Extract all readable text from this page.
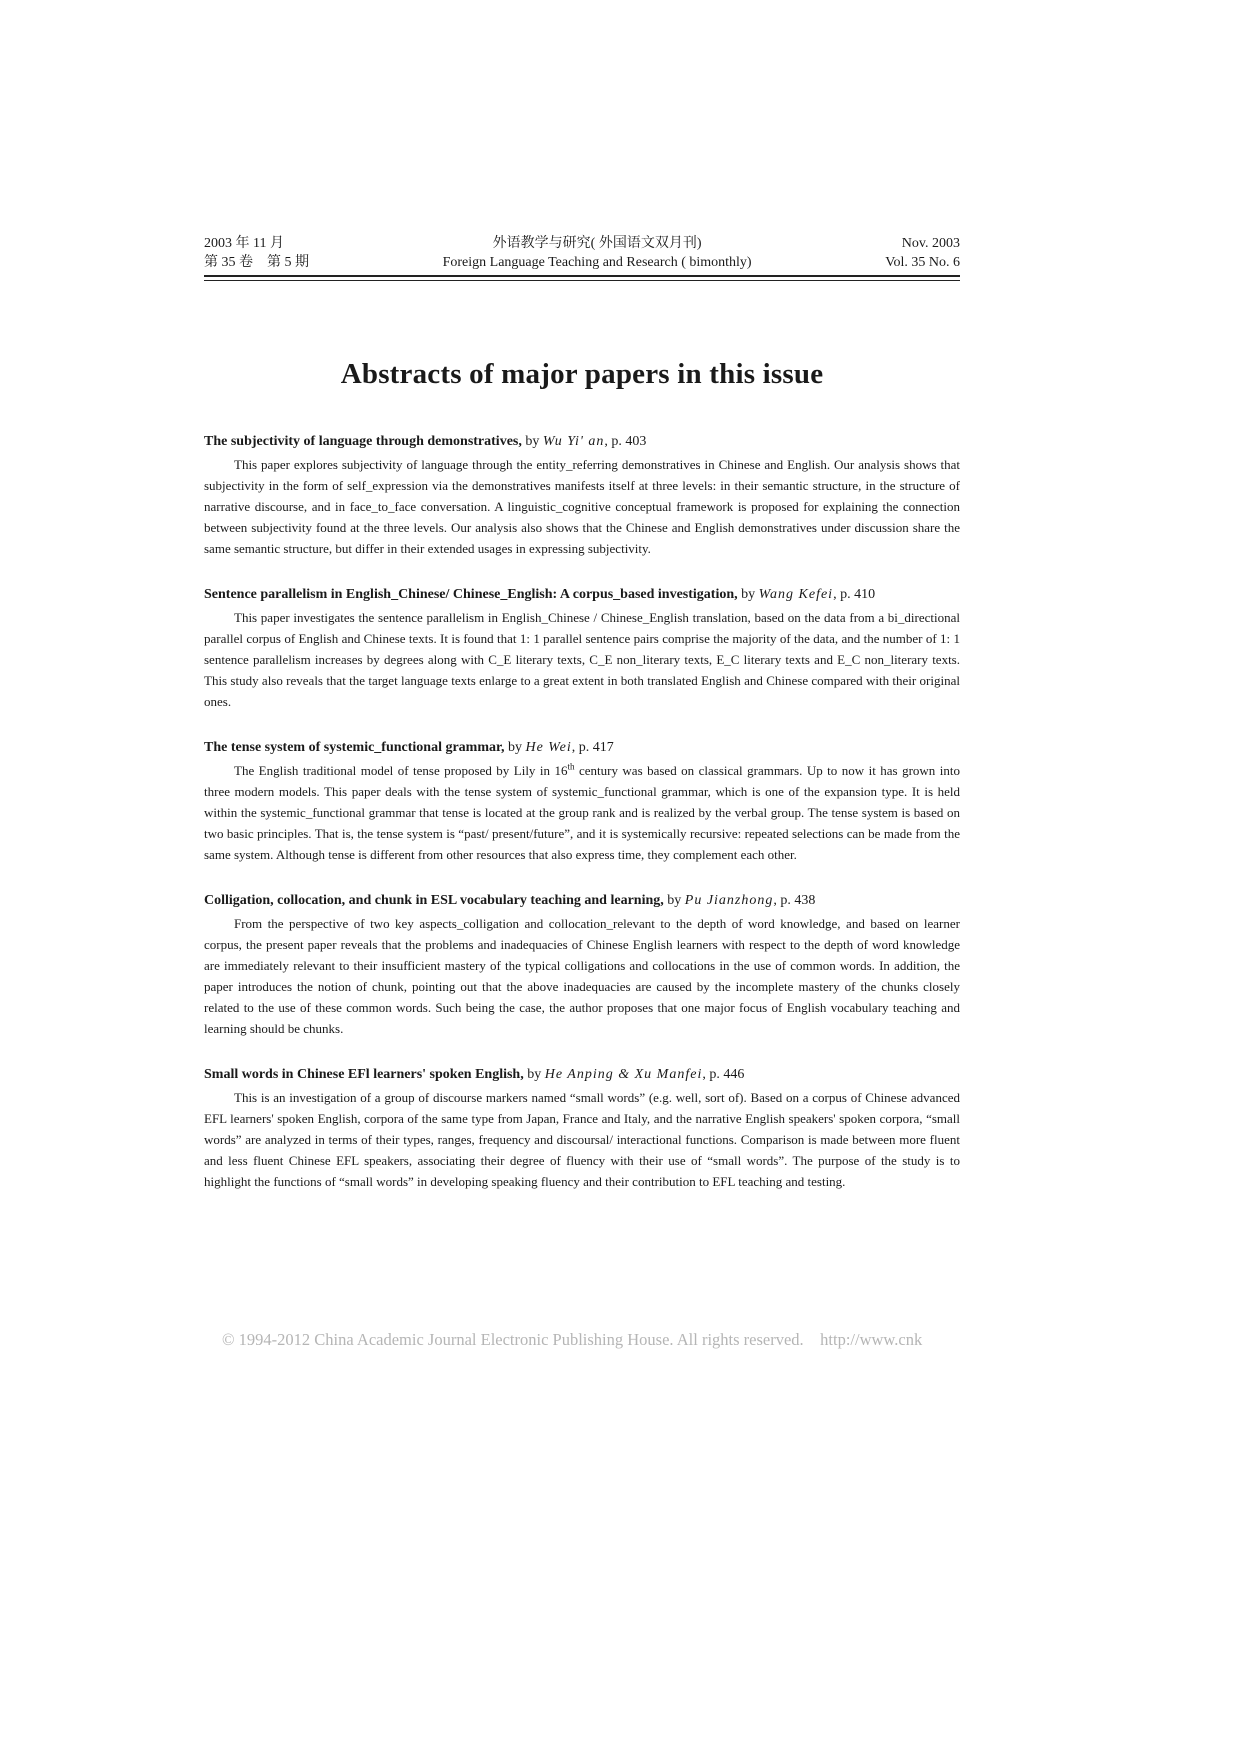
2003 年 11 月
第 35 卷　第 5 期
外语教学与研究( 外国语文双月刊)
Foreign Language Teaching and Research ( bimonthly)
Nov. 2003
Vol. 35 No. 6
Abstracts of major papers in this issue

The subjectivity of language through demonstratives, by Wu Yi' an, p. 403

This paper explores subjectivity of language through the entity_referring demonstratives in Chinese and English. Our analysis shows that subjectivity in the form of self_expression via the demonstratives manifests itself at three levels: in their semantic structure, in the structure of narrative discourse, and in face_to_face conversation. A linguistic_cognitive conceptual framework is proposed for explaining the connection between subjectivity found at the three levels. Our analysis also shows that the Chinese and English demonstratives under discussion share the same semantic structure, but differ in their extended usages in expressing subjectivity.

Sentence parallelism in English_Chinese/ Chinese_English: A corpus_based investigation, by Wang Kefei, p. 410

This paper investigates the sentence parallelism in English_Chinese / Chinese_English translation, based on the data from a bi_directional parallel corpus of English and Chinese texts. It is found that 1: 1 parallel sentence pairs comprise the majority of the data, and the number of 1: 1 sentence parallelism increases by degrees along with C_E literary texts, C_E non_literary texts, E_C literary texts and E_C non_literary texts. This study also reveals that the target language texts enlarge to a great extent in both translated English and Chinese compared with their original ones.

The tense system of systemic_functional grammar, by He Wei, p. 417

The English traditional model of tense proposed by Lily in 16th century was based on classical grammars. Up to now it has grown into three modern models. This paper deals with the tense system of systemic_functional grammar, which is one of the expansion type. It is held within the systemic_functional grammar that tense is located at the group rank and is realized by the verbal group. The tense system is based on two basic principles. That is, the tense system is “past/ present/future”, and it is systemically recursive: repeated selections can be made from the same system. Although tense is different from other resources that also express time, they complement each other.

Colligation, collocation, and chunk in ESL vocabulary teaching and learning, by Pu Jianzhong, p. 438

From the perspective of two key aspects_colligation and collocation_relevant to the depth of word knowledge, and based on learner corpus, the present paper reveals that the problems and inadequacies of Chinese English learners with respect to the depth of word knowledge are immediately relevant to their insufficient mastery of the typical colligations and collocations in the use of common words. In addition, the paper introduces the notion of chunk, pointing out that the above inadequacies are caused by the incomplete mastery of the chunks closely related to the use of these common words. Such being the case, the author proposes that one major focus of English vocabulary teaching and learning should be chunks.

Small words in Chinese EFl learners' spoken English, by He Anping & Xu Manfei, p. 446

This is an investigation of a group of discourse markers named “small words” (e.g. well, sort of). Based on a corpus of Chinese advanced EFL learners' spoken English, corpora of the same type from Japan, France and Italy, and the narrative English speakers' spoken corpora, “small words” are analyzed in terms of their types, ranges, frequency and discoursal/ interactional functions. Comparison is made between more fluent and less fluent Chinese EFL speakers, associating their degree of fluency with their use of “small words”. The purpose of the study is to highlight the functions of “small words” in developing speaking fluency and their contribution to EFL teaching and testing.

© 1994-2012 China Academic Journal Electronic Publishing House. All rights reserved.    http://www.cnk
